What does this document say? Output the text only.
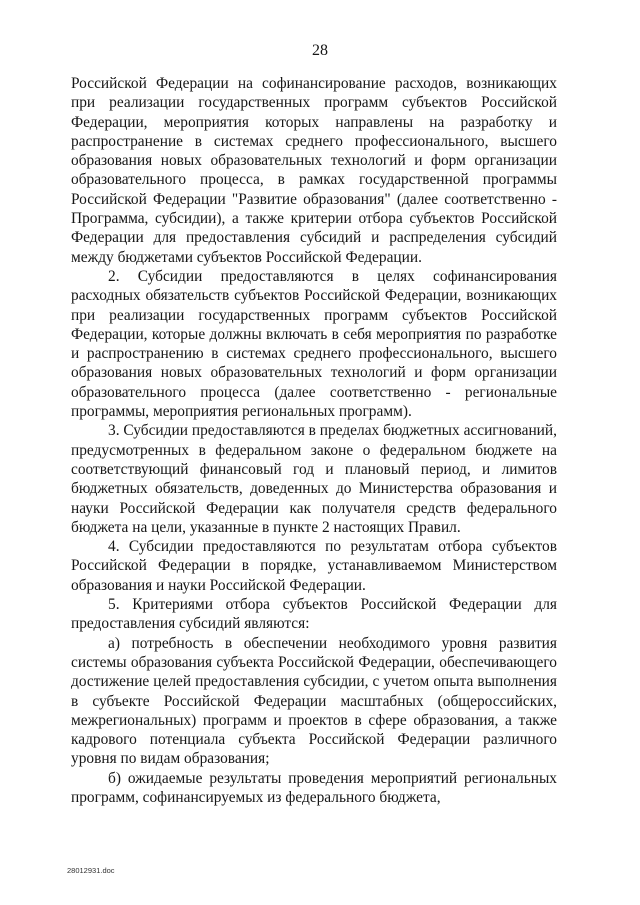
28

Российской Федерации на софинансирование расходов, возникающих при реализации государственных программ субъектов Российской Федерации, мероприятия которых направлены на разработку и распространение в системах среднего профессионального, высшего образования новых образовательных технологий и форм организации образовательного процесса, в рамках государственной программы Российской Федерации "Развитие образования" (далее соответственно - Программа, субсидии), а также критерии отбора субъектов Российской Федерации для предоставления субсидий и распределения субсидий между бюджетами субъектов Российской Федерации.

2. Субсидии предоставляются в целях софинансирования расходных обязательств субъектов Российской Федерации, возникающих при реализации государственных программ субъектов Российской Федерации, которые должны включать в себя мероприятия по разработке и распространению в системах среднего профессионального, высшего образования новых образовательных технологий и форм организации образовательного процесса (далее соответственно - региональные программы, мероприятия региональных программ).

3. Субсидии предоставляются в пределах бюджетных ассигнований, предусмотренных в федеральном законе о федеральном бюджете на соответствующий финансовый год и плановый период, и лимитов бюджетных обязательств, доведенных до Министерства образования и науки Российской Федерации как получателя средств федерального бюджета на цели, указанные в пункте 2 настоящих Правил.

4. Субсидии предоставляются по результатам отбора субъектов Российской Федерации в порядке, устанавливаемом Министерством образования и науки Российской Федерации.

5. Критериями отбора субъектов Российской Федерации для предоставления субсидий являются:

а) потребность в обеспечении необходимого уровня развития системы образования субъекта Российской Федерации, обеспечивающего достижение целей предоставления субсидии, с учетом опыта выполнения в субъекте Российской Федерации масштабных (общероссийских, межрегиональных) программ и проектов в сфере образования, а также кадрового потенциала субъекта Российской Федерации различного уровня по видам образования;

б) ожидаемые результаты проведения мероприятий региональных программ, софинансируемых из федерального бюджета,

28012931.doc
